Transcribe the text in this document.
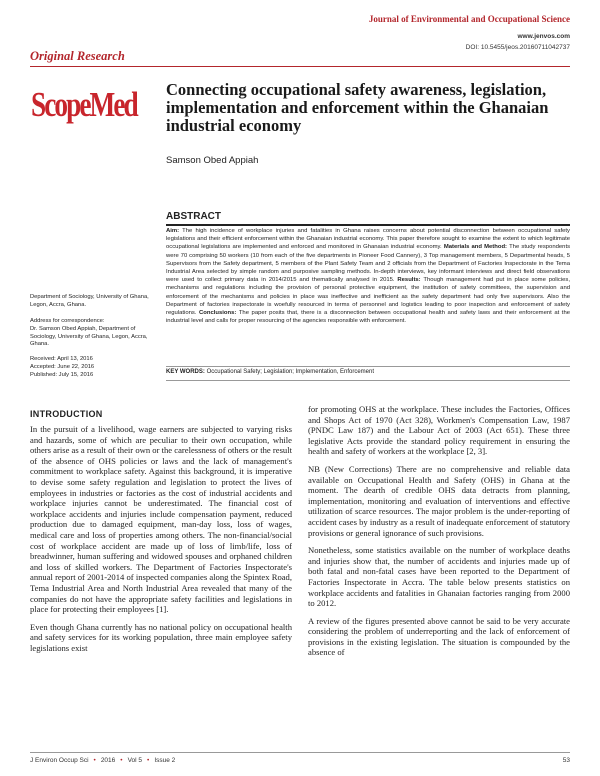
Journal of Environmental and Occupational Science
www.jenvos.com
DOI: 10.5455/jeos.20160711042737
Original Research
ScopeMed Connecting occupational safety awareness, legislation, implementation and enforcement within the Ghanaian industrial economy
Samson Obed Appiah
ABSTRACT
Aim: The high incidence of workplace injuries and fatalities in Ghana raises concerns about potential disconnection between occupational safety legislations and their efficient enforcement within the Ghanaian industrial economy. This paper therefore sought to examine the extent to which legitimate occupational legislations are implemented and enforced and monitored in Ghanaian industrial economy. Materials and Method: The study respondents were 70 comprising 50 workers (10 from each of the five departments in Pioneer Food Cannery), 3 Top management members, 5 Departmental heads, 5 Supervisors from the Safety department, 5 members of the Plant Safety Team and 2 officials from the Department of Factories Inspectorate in the Tema Industrial Area selected by simple random and purposive sampling methods. In-depth interviews, key informant interviews and direct field observations were used to collect primary data in 2014/2015 and thematically analysed in 2015. Results: Though management had put in place some policies, mechanisms and regulations including the provision of personal protective equipment, the institution of safety committees, the supervision and enforcement of the mechanisms and policies in place was ineffective and inefficient as the safety department had only five supervisors. Also the Department of factories inspectorate is woefully resourced in terms of personnel and logistics leading to poor inspection and enforcement of safety regulations. Conclusions: The paper posits that, there is a disconnection between occupational health and safety laws and their enforcement at the industrial level and calls for proper resourcing of the agencies responsible with enforcement.
KEY WORDS: Occupational Safety; Legislation; Implementation, Enforcement
Department of Sociology, University of Ghana, Legon, Accra, Ghana.
Address for correspondence:
Dr. Samson Obed Appiah, Department of Sociology, University of Ghana, Legon, Accra, Ghana.
Received: April 13, 2016
Accepted: June 22, 2016
Published: July 15, 2016
INTRODUCTION

In the pursuit of a livelihood, wage earners are subjected to varying risks and hazards, some of which are peculiar to their own occupation, while others arise as a result of their own or the carelessness of others or the result of the absence of OHS policies or laws and the lack of management's commitment to workplace safety. Against this background, it is imperative to devise some safety regulation and legislation to protect the lives of employees in industries or factories as the cost of industrial accidents and workplace injuries cannot be underestimated. The financial cost of workplace accidents and injuries include compensation payment, reduced production due to damaged equipment, man-day loss, loss of wages, medical care and loss of properties among others. The non-financial/social cost of workplace accident are made up of loss of limb/life, loss of breadwinner, human suffering and widowed spouses and orphaned children and loss of skilled workers. The Department of Factories Inspectorate's annual report of 2001-2014 of inspected companies along the Spintex Road, Tema Industrial Area and North Industrial Area revealed that many of the companies do not have the appropriate safety facilities and legislations in place for protecting their employees [1].

Even though Ghana currently has no national policy on occupational health and safety services for its working population, three main employee safety legislations exist

for promoting OHS at the workplace. These includes the Factories, Offices and Shops Act of 1970 (Act 328), Workmen's Compensation Law, 1987 (PNDC Law 187) and the Labour Act of 2003 (Act 651). These three legislative Acts provide the standard policy requirement in ensuring the health and safety of workers at the workplace [2, 3].

NB (New Corrections) There are no comprehensive and reliable data available on Occupational Health and Safety (OHS) in Ghana at the moment. The dearth of credible OHS data detracts from planning, implementation, monitoring and evaluation of interventions and effective utilization of scarce resources. The major problem is the under-reporting of accident cases by industry as a result of inadequate enforcement of statutory provisions or general ignorance of such provisions.

Nonetheless, some statistics available on the number of workplace deaths and injuries show that, the number of accidents and injuries made up of both fatal and non-fatal cases have been reported to the Department of Factories Inspectorate in Accra. The table below presents statistics on workplace accidents and fatalities in Ghanaian factories ranging from 2000 to 2012.

A review of the figures presented above cannot be said to be very accurate considering the problem of underreporting and the lack of enforcement of provisions in the existing legislation. The situation is compounded by the absence of

J Environ Occup Sci • 2016 • Vol 5 • Issue 2	53
